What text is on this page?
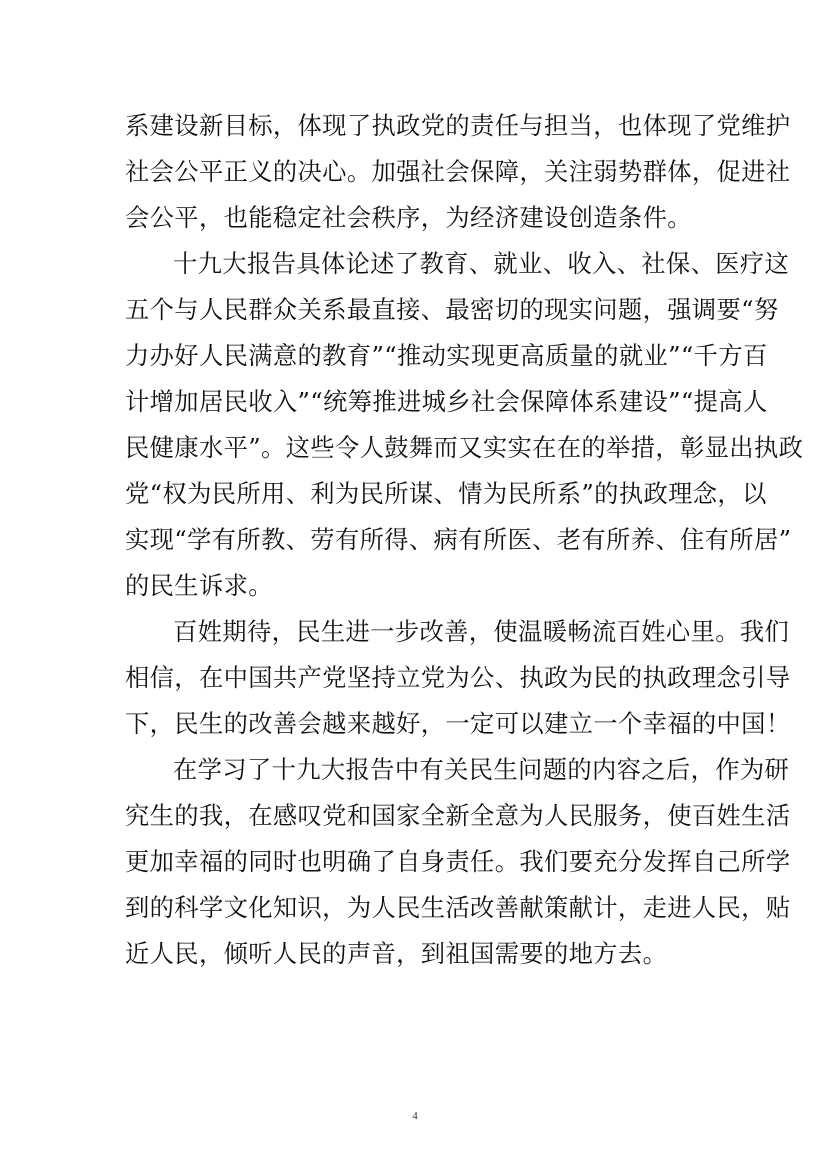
系建设新目标，体现了执政党的责任与担当，也体现了党维护
社会公平正义的决心。加强社会保障，关注弱势群体，促进社
会公平，也能稳定社会秩序，为经济建设创造条件。
十九大报告具体论述了教育、就业、收入、社保、医疗这
五个与人民群众关系最直接、最密切的现实问题，强调要“努
力办好人民满意的教育”“推动实现更高质量的就业”“千方百
计增加居民收入”“统筹推进城乡社会保障体系建设”“提高人
民健康水平”。这些令人鼓舞而又实实在在的举措，彰显出执政
党“权为民所用、利为民所谋、情为民所系”的执政理念，以
实现“学有所教、劳有所得、病有所医、老有所养、住有所居”
的民生诉求。
百姓期待，民生进一步改善，使温暖畅流百姓心里。我们
相信，在中国共产党坚持立党为公、执政为民的执政理念引导
下，民生的改善会越来越好，一定可以建立一个幸福的中国！
在学习了十九大报告中有关民生问题的内容之后，作为研
究生的我，在感叹党和国家全新全意为人民服务，使百姓生活
更加幸福的同时也明确了自身责任。我们要充分发挥自己所学
到的科学文化知识，为人民生活改善献策献计，走进人民，贴
近人民，倾听人民的声音，到祖国需要的地方去。
4
